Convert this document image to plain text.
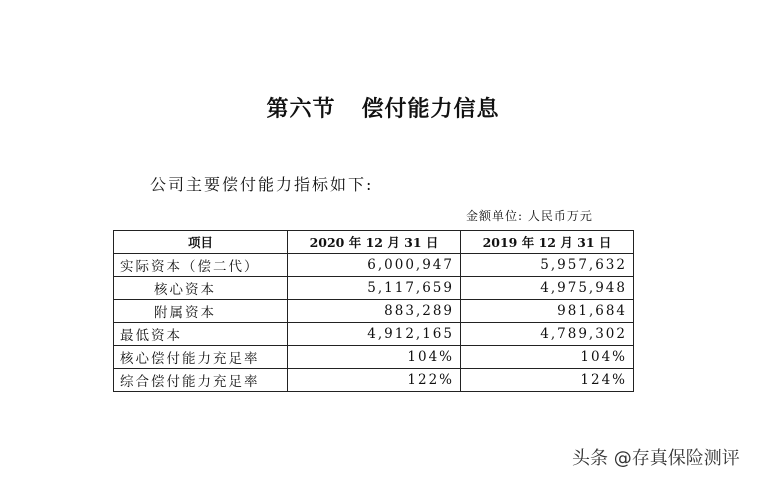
第六节   偿付能力信息
公司主要偿付能力指标如下:
金额单位: 人民币万元
项目	2020 年 12 月 31 日	2019 年 12 月 31 日
实际资本（偿二代）	6,000,947	5,957,632
核心资本	5,117,659	4,975,948
附属资本	883,289	981,684
最低资本	4,912,165	4,789,302
核心偿付能力充足率	104%	104%
综合偿付能力充足率	122%	124%
头条 @存真保险测评
